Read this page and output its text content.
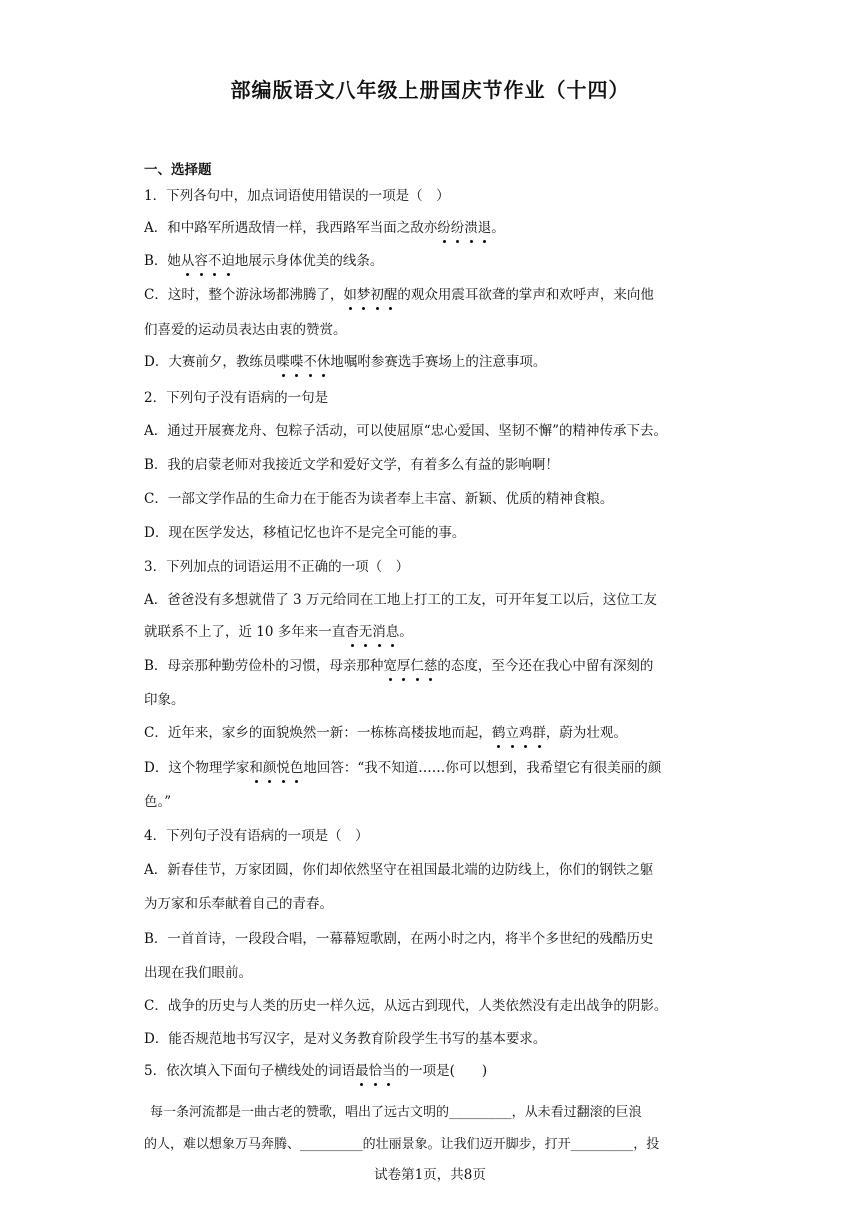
部编版语文八年级上册国庆节作业（十四）
一、选择题
1．下列各句中，加点词语使用错误的一项是（　）
A．和中路军所遇敌情一样，我西路军当面之敌亦纷纷溃退。
B．她从容不迫地展示身体优美的线条。
C．这时，整个游泳场都沸腾了，如梦初醒的观众用震耳欲聋的掌声和欢呼声，来向他
们喜爱的运动员表达由衷的赞赏。
D．大赛前夕，教练员喋喋不休地嘱咐参赛选手赛场上的注意事项。
2．下列句子没有语病的一句是
A．通过开展赛龙舟、包粽子活动，可以使屈原“忠心爱国、坚韧不懈”的精神传承下去。
B．我的启蒙老师对我接近文学和爱好文学，有着多么有益的影响啊！
C．一部文学作品的生命力在于能否为读者奉上丰富、新颖、优质的精神食粮。
D．现在医学发达，移植记忆也许不是完全可能的事。
3．下列加点的词语运用不正确的一项（　）
A．爸爸没有多想就借了 3 万元给同在工地上打工的工友，可开年复工以后，这位工友
就联系不上了，近 10 多年来一直杳无消息。
B．母亲那种勤劳俭朴的习惯，母亲那种宽厚仁慈的态度，至今还在我心中留有深刻的
印象。
C．近年来，家乡的面貌焕然一新：一栋栋高楼拔地而起，鹤立鸡群，蔚为壮观。
D．这个物理学家和颜悦色地回答：“我不知道……你可以想到，我希望它有很美丽的颜
色。”
4．下列句子没有语病的一项是（　）
A．新春佳节，万家团圆，你们却依然坚守在祖国最北端的边防线上，你们的钢铁之躯
为万家和乐奉献着自己的青春。
B．一首首诗，一段段合唱，一幕幕短歌剧，在两小时之内，将半个多世纪的残酷历史
出现在我们眼前。
C．战争的历史与人类的历史一样久远，从远古到现代，人类依然没有走出战争的阴影。
D．能否规范地书写汉字，是对义务教育阶段学生书写的基本要求。
5．依次填入下面句子横线处的词语最恰当的一项是(　　)
每一条河流都是一曲古老的赞歌，唱出了远古文明的________，从未看过翻滚的巨浪
的人，难以想象万马奔腾、________的壮丽景象。让我们迈开脚步，打开________，投
试卷第1页，共8页
